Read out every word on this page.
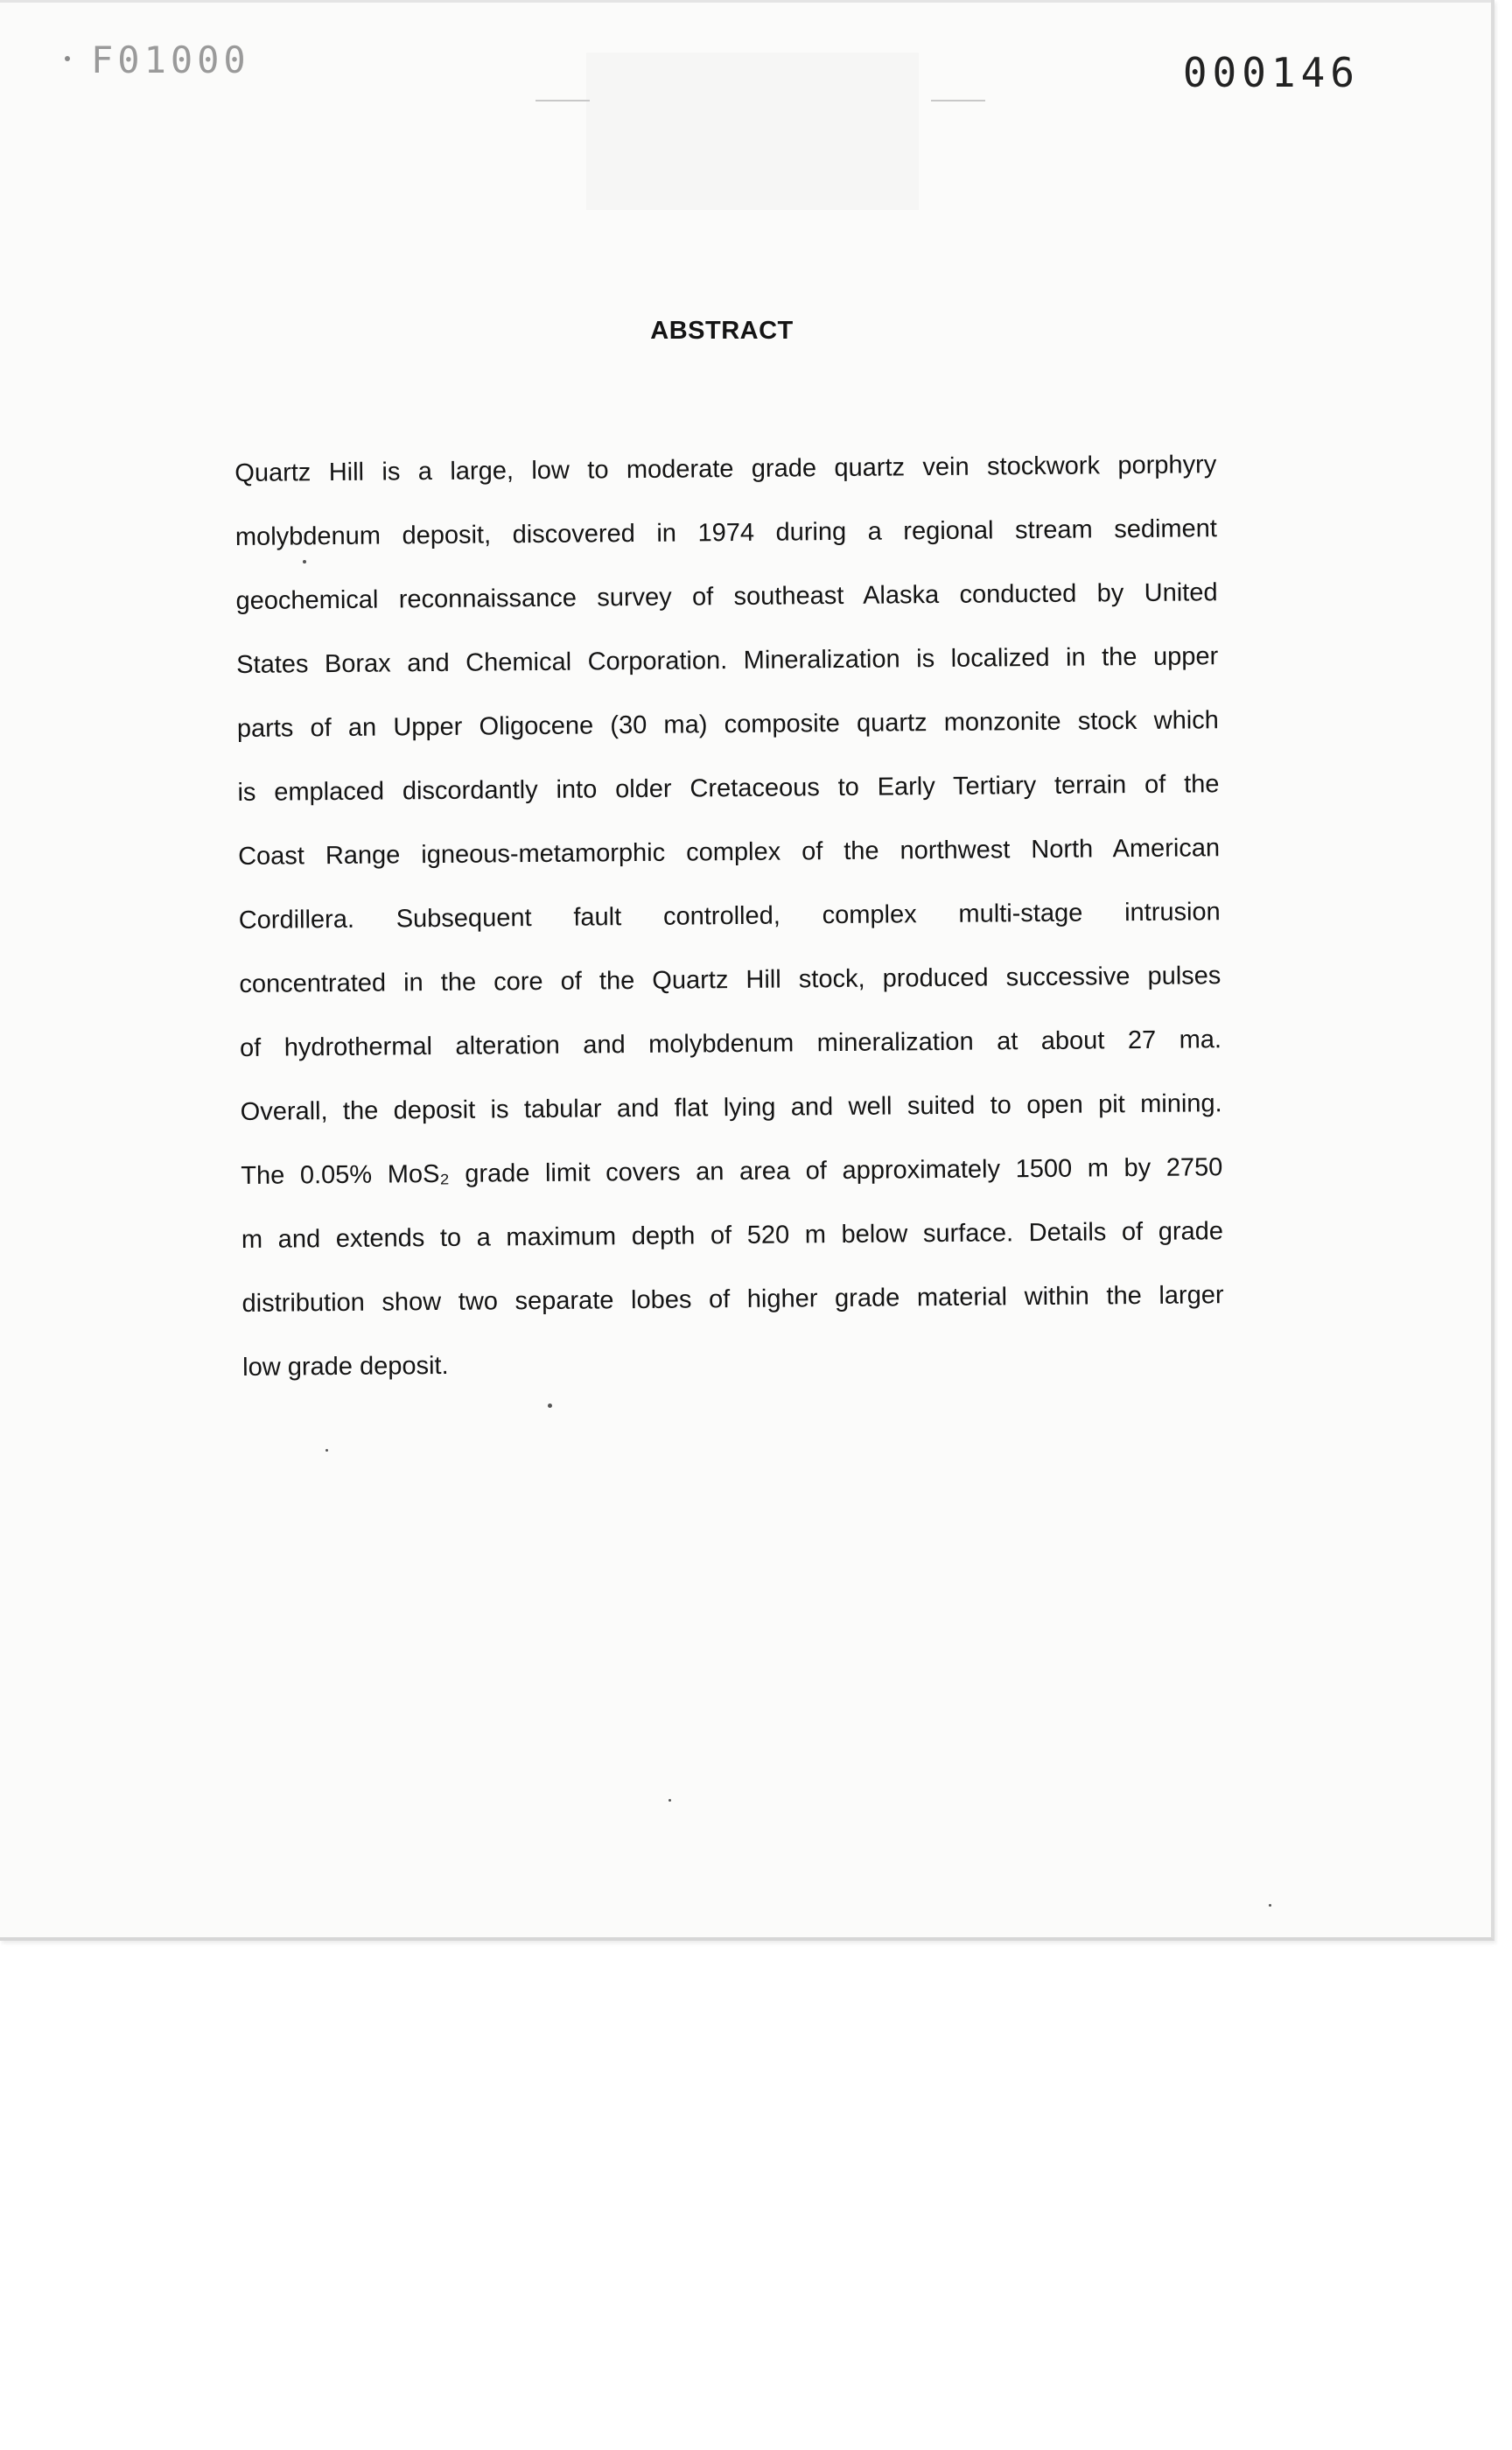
F01000	000146
ABSTRACT
Quartz Hill is a large, low to moderate grade quartz vein stockwork porphyry
molybdenum deposit, discovered in 1974 during a regional stream sediment
geochemical reconnaissance survey of southeast Alaska conducted by United
States Borax and Chemical Corporation. Mineralization is localized in the upper
parts of an Upper Oligocene (30 ma) composite quartz monzonite stock which
is emplaced discordantly into older Cretaceous to Early Tertiary terrain of the
Coast Range igneous-metamorphic complex of the northwest North American
Cordillera. Subsequent fault controlled, complex multi-stage intrusion
concentrated in the core of the Quartz Hill stock, produced successive pulses
of hydrothermal alteration and molybdenum mineralization at about 27 ma.
Overall, the deposit is tabular and flat lying and well suited to open pit mining.
The 0.05% MoS₂ grade limit covers an area of approximately 1500 m by 2750
m and extends to a maximum depth of 520 m below surface. Details of grade
distribution show two separate lobes of higher grade material within the larger
low grade deposit.
